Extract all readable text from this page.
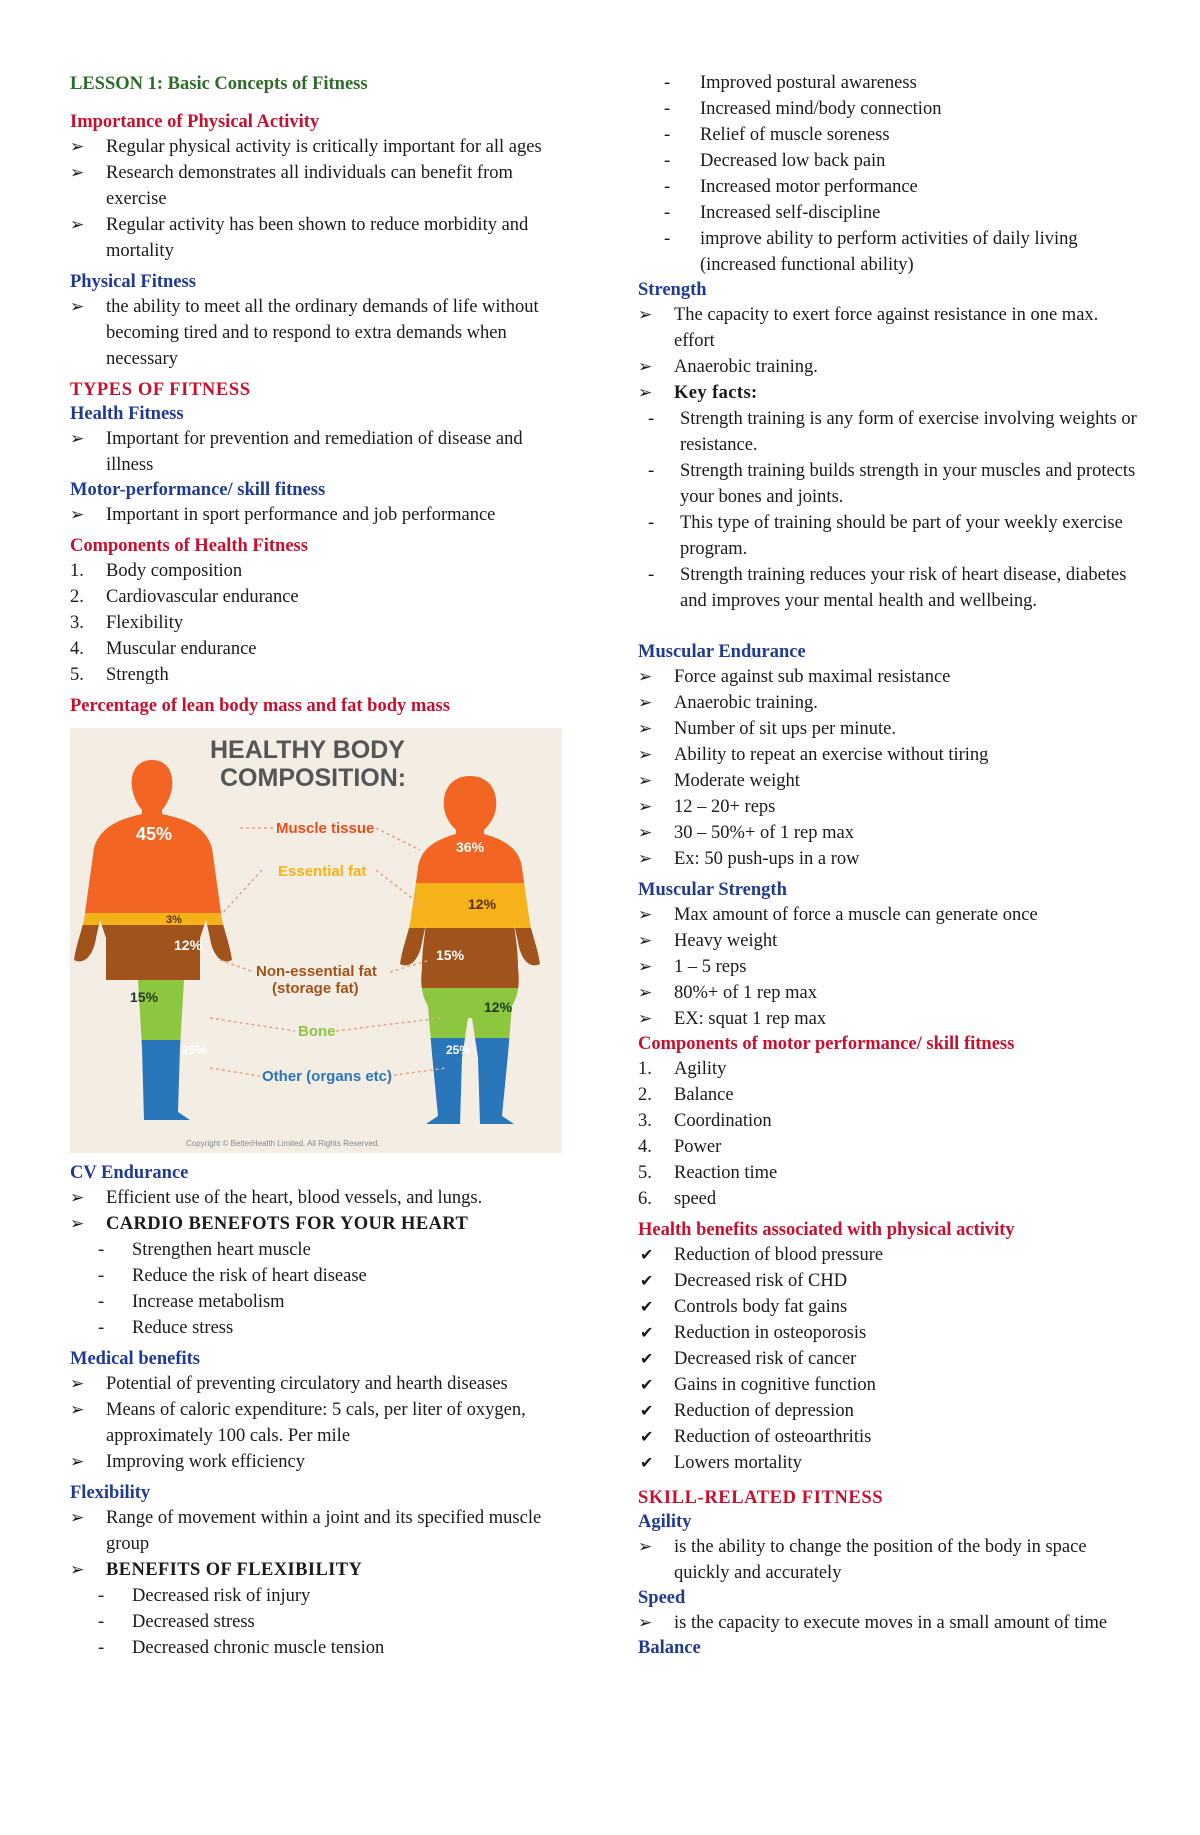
LESSON 1: Basic Concepts of Fitness

Importance of Physical Activity

➢ Regular physical activity is critically important for all ages
➢ Research demonstrates all individuals can benefit from exercise
➢ Regular activity has been shown to reduce morbidity and mortality

Physical Fitness

➢ the ability to meet all the ordinary demands of life without becoming tired and to respond to extra demands when necessary

TYPES OF FITNESS

Health Fitness

➢ Important for prevention and remediation of disease and illness

Motor-performance/ skill fitness

➢ Important in sport performance and job performance

Components of Health Fitness

1. Body composition
2. Cardiovascular endurance
3. Flexibility
4. Muscular endurance
5. Strength

Percentage of lean body mass and fat body mass

HEALTHY BODY
COMPOSITION:
45%
3%
12%
15%
25%
36%
12%
15%
12%
25%
Muscle tissue
Essential fat
Non-essential fat
(storage fat)
Bone
Other (organs etc)
Copyright © BetterHealth Limited. All Rights Reserved.

CV Endurance

➢ Efficient use of the heart, blood vessels, and lungs.
➢ CARDIO BENEFOTS FOR YOUR HEART
- Strengthen heart muscle
- Reduce the risk of heart disease
- Increase metabolism
- Reduce stress

Medical benefits

➢ Potential of preventing circulatory and hearth diseases
➢ Means of caloric expenditure: 5 cals, per liter of oxygen, approximately 100 cals. Per mile
➢ Improving work efficiency

Flexibility

➢ Range of movement within a joint and its specified muscle group
➢ BENEFITS OF FLEXIBILITY
- Decreased risk of injury
- Decreased stress
- Decreased chronic muscle tension
- Improved postural awareness
- Increased mind/body connection
- Relief of muscle soreness
- Decreased low back pain
- Increased motor performance
- Increased self-discipline
- improve ability to perform activities of daily living (increased functional ability)

Strength

➢ The capacity to exert force against resistance in one max. effort
➢ Anaerobic training.
➢ Key facts:
- Strength training is any form of exercise involving weights or resistance.
- Strength training builds strength in your muscles and protects your bones and joints.
- This type of training should be part of your weekly exercise program.
- Strength training reduces your risk of heart disease, diabetes and improves your mental health and wellbeing.

Muscular Endurance

➢ Force against sub maximal resistance
➢ Anaerobic training.
➢ Number of sit ups per minute.
➢ Ability to repeat an exercise without tiring
➢ Moderate weight
➢ 12 – 20+ reps
➢ 30 – 50%+ of 1 rep max
➢ Ex: 50 push-ups in a row

Muscular Strength

➢ Max amount of force a muscle can generate once
➢ Heavy weight
➢ 1 – 5 reps
➢ 80%+ of 1 rep max
➢ EX: squat 1 rep max

Components of motor performance/ skill fitness

1. Agility
2. Balance
3. Coordination
4. Power
5. Reaction time
6. speed

Health benefits associated with physical activity

✔ Reduction of blood pressure
✔ Decreased risk of CHD
✔ Controls body fat gains
✔ Reduction in osteoporosis
✔ Decreased risk of cancer
✔ Gains in cognitive function
✔ Reduction of depression
✔ Reduction of osteoarthritis
✔ Lowers mortality

SKILL-RELATED FITNESS

Agility

➢ is the ability to change the position of the body in space quickly and accurately

Speed

➢ is the capacity to execute moves in a small amount of time

Balance
